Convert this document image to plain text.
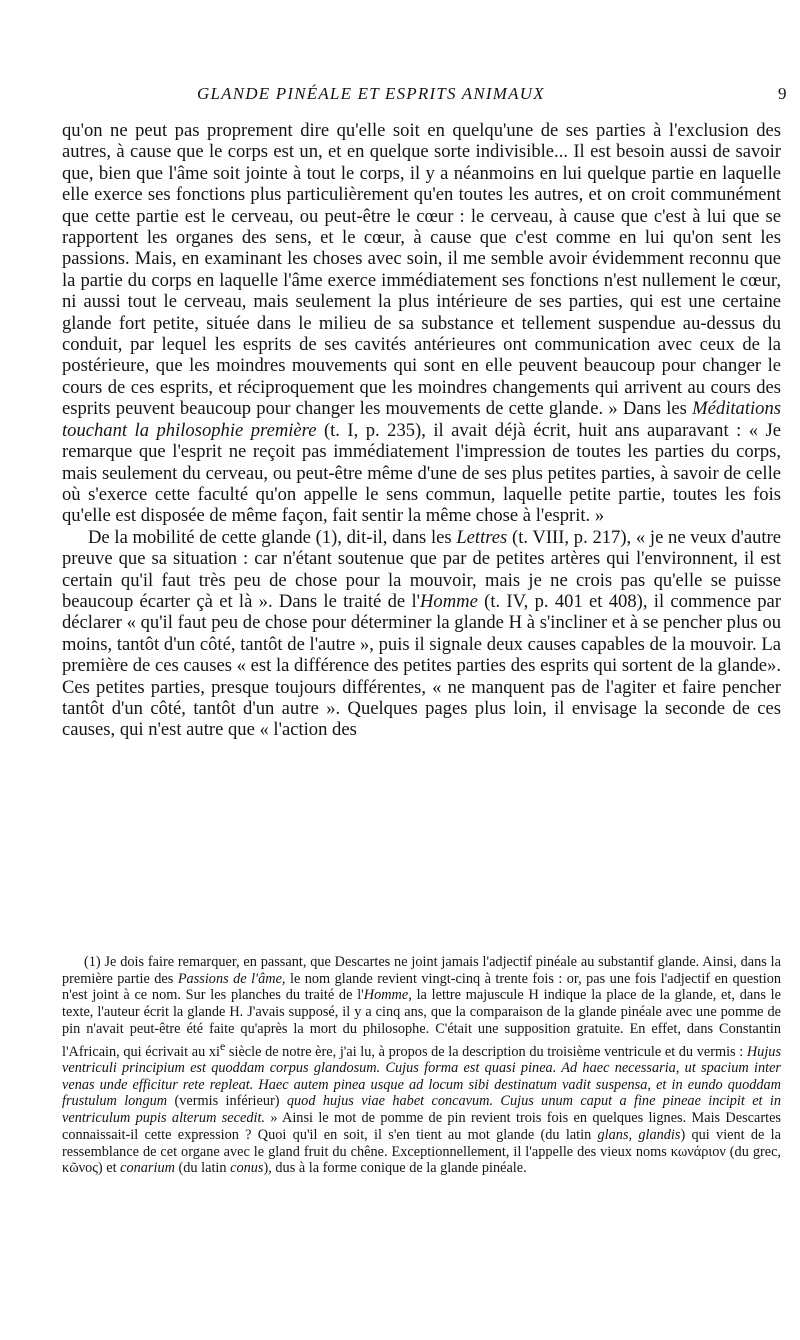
GLANDE PINÉALE ET ESPRITS ANIMAUX	9

qu'on ne peut pas proprement dire qu'elle soit en quelqu'une de ses parties à l'exclusion des autres, à cause que le corps est un, et en quelque sorte indivisible... Il est besoin aussi de savoir que, bien que l'âme soit jointe à tout le corps, il y a néanmoins en lui quelque partie en laquelle elle exerce ses fonctions plus particulièrement qu'en toutes les autres, et on croit communément que cette partie est le cerveau, ou peut-être le cœur : le cerveau, à cause que c'est à lui que se rapportent les organes des sens, et le cœur, à cause que c'est comme en lui qu'on sent les passions. Mais, en examinant les choses avec soin, il me semble avoir évidemment reconnu que la partie du corps en laquelle l'âme exerce immédiatement ses fonctions n'est nullement le cœur, ni aussi tout le cerveau, mais seulement la plus intérieure de ses parties, qui est une certaine glande fort petite, située dans le milieu de sa substance et tellement suspendue au-dessus du conduit, par lequel les esprits de ses cavités antérieures ont communication avec ceux de la postérieure, que les moindres mouvements qui sont en elle peuvent beaucoup pour changer le cours de ces esprits, et réciproquement que les moindres changements qui arrivent au cours des esprits peuvent beaucoup pour changer les mouvements de cette glande. » Dans les Méditations touchant la philosophie première (t. I, p. 235), il avait déjà écrit, huit ans auparavant : « Je remarque que l'esprit ne reçoit pas immédiatement l'impression de toutes les parties du corps, mais seulement du cerveau, ou peut-être même d'une de ses plus petites parties, à savoir de celle où s'exerce cette faculté qu'on appelle le sens commun, laquelle petite partie, toutes les fois qu'elle est disposée de même façon, fait sentir la même chose à l'esprit. »

De la mobilité de cette glande (1), dit-il, dans les Lettres (t. VIII, p. 217), « je ne veux d'autre preuve que sa situation : car n'étant soutenue que par de petites artères qui l'environnent, il est certain qu'il faut très peu de chose pour la mouvoir, mais je ne crois pas qu'elle se puisse beaucoup écarter çà et là ». Dans le traité de l'Homme (t. IV, p. 401 et 408), il commence par déclarer « qu'il faut peu de chose pour déterminer la glande H à s'incliner et à se pencher plus ou moins, tantôt d'un côté, tantôt de l'autre », puis il signale deux causes capables de la mouvoir. La première de ces causes « est la différence des petites parties des esprits qui sortent de la glande». Ces petites parties, presque toujours différentes, « ne manquent pas de l'agiter et faire pencher tantôt d'un côté, tantôt d'un autre ». Quelques pages plus loin, il envisage la seconde de ces causes, qui n'est autre que « l'action des

(1) Je dois faire remarquer, en passant, que Descartes ne joint jamais l'adjectif pinéale au substantif glande. Ainsi, dans la première partie des Passions de l'âme, le nom glande revient vingt-cinq à trente fois : or, pas une fois l'adjectif en question n'est joint à ce nom. Sur les planches du traité de l'Homme, la lettre majuscule H indique la place de la glande, et, dans le texte, l'auteur écrit la glande H. J'avais supposé, il y a cinq ans, que la comparaison de la glande pinéale avec une pomme de pin n'avait peut-être été faite qu'après la mort du philosophe. C'était une supposition gratuite. En effet, dans Constantin l'Africain, qui écrivait au $xi^e$ siècle de notre ère, j'ai lu, à propos de la description du troisième ventricule et du vermis : Hujus ventriculi principium est quoddam corpus glandosum. Cujus forma est quasi pinea. Ad haec necessaria, ut spacium inter venas unde efficitur rete repleat. Haec autem pinea usque ad locum sibi destinatum vadit suspensa, et in eundo quoddam frustulum longum (vermis inférieur) quod hujus viae habet concavum. Cujus unum caput a fine pineae incipit et in ventriculum pupis alterum secedit. » Ainsi le mot de pomme de pin revient trois fois en quelques lignes. Mais Descartes connaissait-il cette expression ? Quoi qu'il en soit, il s'en tient au mot glande (du latin glans, glandis) qui vient de la ressemblance de cet organe avec le gland fruit du chêne. Exceptionnellement, il l'appelle des vieux noms κωνάριον (du grec, κῶνος) et conarium (du latin conus), dus à la forme conique de la glande pinéale.
